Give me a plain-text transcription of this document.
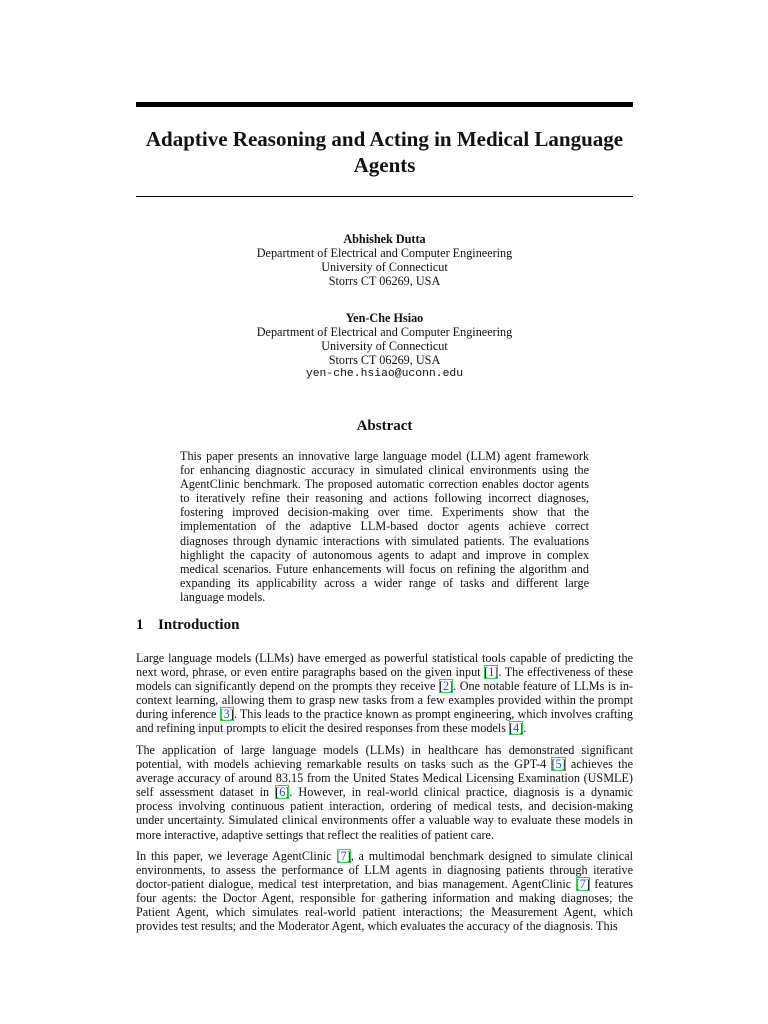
Adaptive Reasoning and Acting in Medical Language Agents
Abhishek Dutta
Department of Electrical and Computer Engineering
University of Connecticut
Storrs CT 06269, USA
Yen-Che Hsiao
Department of Electrical and Computer Engineering
University of Connecticut
Storrs CT 06269, USA
yen-che.hsiao@uconn.edu
Abstract

This paper presents an innovative large language model (LLM) agent framework for enhancing diagnostic accuracy in simulated clinical environments using the AgentClinic benchmark. The proposed automatic correction enables doctor agents to iteratively refine their reasoning and actions following incorrect diagnoses, fostering improved decision-making over time. Experiments show that the implementation of the adaptive LLM-based doctor agents achieve correct diagnoses through dynamic interactions with simulated patients. The evaluations highlight the capacity of autonomous agents to adapt and improve in complex medical scenarios. Future enhancements will focus on refining the algorithm and expanding its applicability across a wider range of tasks and different large language models.

1 Introduction

Large language models (LLMs) have emerged as powerful statistical tools capable of predicting the next word, phrase, or even entire paragraphs based on the given input [ 1 ] . The effectiveness of these models can significantly depend on the prompts they receive [ 2 ] . One notable feature of LLMs is in-context learning, allowing them to grasp new tasks from a few examples provided within the prompt during inference [ 3 ] . This leads to the practice known as prompt engineering, which involves crafting and refining input prompts to elicit the desired responses from these models [ 4 ] .

The application of large language models (LLMs) in healthcare has demonstrated significant potential, with models achieving remarkable results on tasks such as the GPT-4 [ 5 ] achieves the average accuracy of around 83.15 from the United States Medical Licensing Examination (USMLE) self assessment dataset in [ 6 ] . However, in real-world clinical practice, diagnosis is a dynamic process involving continuous patient interaction, ordering of medical tests, and decision-making under uncertainty. Simulated clinical environments offer a valuable way to evaluate these models in more interactive, adaptive settings that reflect the realities of patient care.

In this paper, we leverage AgentClinic [ 7 ] , a multimodal benchmark designed to simulate clinical environments, to assess the performance of LLM agents in diagnosing patients through iterative doctor-patient dialogue, medical test interpretation, and bias management. AgentClinic [ 7 ] features four agents: the Doctor Agent, responsible for gathering information and making diagnoses; the Patient Agent, which simulates real-world patient interactions; the Measurement Agent, which provides test results; and the Moderator Agent, which evaluates the accuracy of the diagnosis. This
